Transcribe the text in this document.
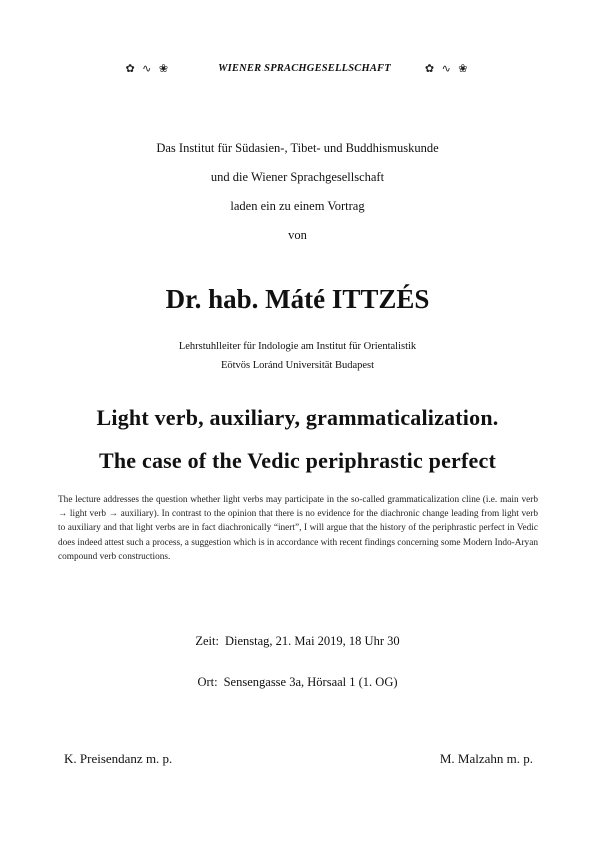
✿ ∿ ❀	WIENER SPRACHGESELLSCHAFT	✿ ∿ ❀
Das Institut für Südasien-, Tibet- und Buddhismuskunde
und die Wiener Sprachgesellschaft
laden ein zu einem Vortrag
von
Dr. hab. Máté ITTZÉS
Lehrstuhlleiter für Indologie am Institut für Orientalistik
Eötvös Loránd Universität Budapest
Light verb, auxiliary, grammaticalization.
The case of the Vedic periphrastic perfect
The lecture addresses the question whether light verbs may participate in the so-called grammaticalization cline (i.e. main verb → light verb → auxiliary). In contrast to the opinion that there is no evidence for the diachronic change leading from light verb to auxiliary and that light verbs are in fact diachronically “inert”, I will argue that the history of the periphrastic perfect in Vedic does indeed attest such a process, a suggestion which is in accordance with recent findings concerning some Modern Indo-Aryan compound verb constructions.
Zeit: Dienstag, 21. Mai 2019, 18 Uhr 30
Ort: Sensengasse 3a, Hörsaal 1 (1. OG)
K. Preisendanz m. p.	M. Malzahn m. p.
